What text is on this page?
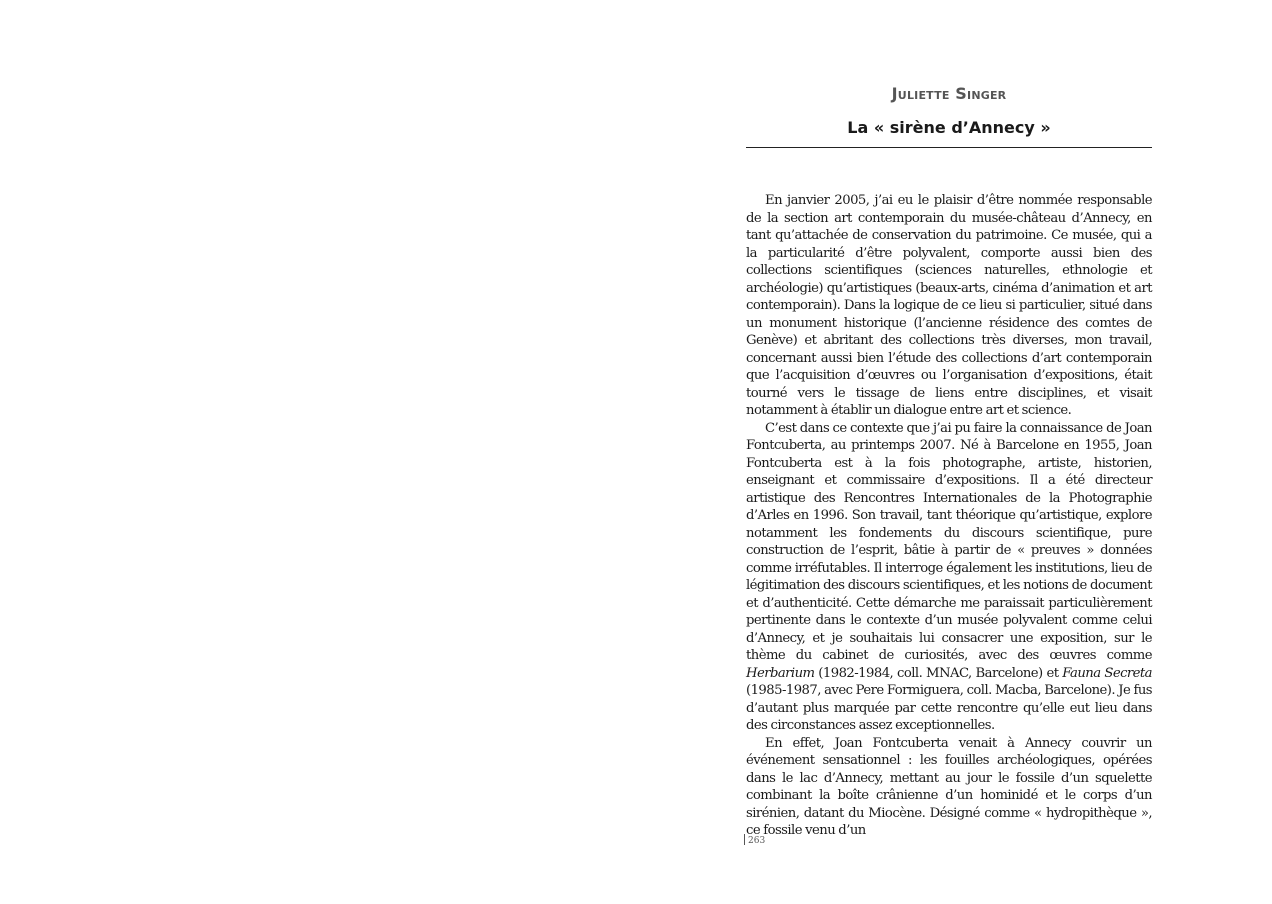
Juliette Singer
La « sirène d’Annecy »

En janvier 2005, j’ai eu le plaisir d’être nommée responsable de la section art contemporain du musée-château d’Annecy, en tant qu’attachée de conservation du patrimoine. Ce musée, qui a la particularité d’être polyvalent, comporte aussi bien des collections scientifiques (sciences naturelles, ethnologie et archéologie) qu’artistiques (beaux-arts, cinéma d’animation et art contemporain). Dans la logique de ce lieu si particulier, situé dans un monument historique (l’ancienne résidence des comtes de Genève) et abritant des collections très diverses, mon travail, concernant aussi bien l’étude des collections d’art contemporain que l’acquisition d’œuvres ou l’organisation d’expositions, était tourné vers le tissage de liens entre disciplines, et visait notamment à établir un dialogue entre art et science.

C’est dans ce contexte que j’ai pu faire la connaissance de Joan Fontcuberta, au printemps 2007. Né à Barcelone en 1955, Joan Fontcuberta est à la fois photographe, artiste, historien, enseignant et commissaire d’expositions. Il a été directeur artistique des Rencontres Internationales de la Photographie d’Arles en 1996. Son travail, tant théorique qu’artistique, explore notamment les fondements du discours scientifique, pure construction de l’esprit, bâtie à partir de « preuves » données comme irréfutables. Il interroge également les institutions, lieu de légitimation des discours scientifiques, et les notions de document et d’authenticité. Cette démarche me paraissait particulièrement pertinente dans le contexte d’un musée polyvalent comme celui d’Annecy, et je souhaitais lui consacrer une exposition, sur le thème du cabinet de curiosités, avec des œuvres comme Herbarium (1982-1984, coll. MNAC, Barcelone) et Fauna Secreta (1985-1987, avec Pere Formiguera, coll. Macba, Barcelone). Je fus d’autant plus marquée par cette rencontre qu’elle eut lieu dans des circonstances assez exceptionnelles.

En effet, Joan Fontcuberta venait à Annecy couvrir un événement sensationnel : les fouilles archéologiques, opérées dans le lac d’Annecy, mettant au jour le fossile d’un squelette combinant la boîte crânienne d’un hominidé et le corps d’un sirénien, datant du Miocène. Désigné comme « hydropithèque », ce fossile venu d’un

263
